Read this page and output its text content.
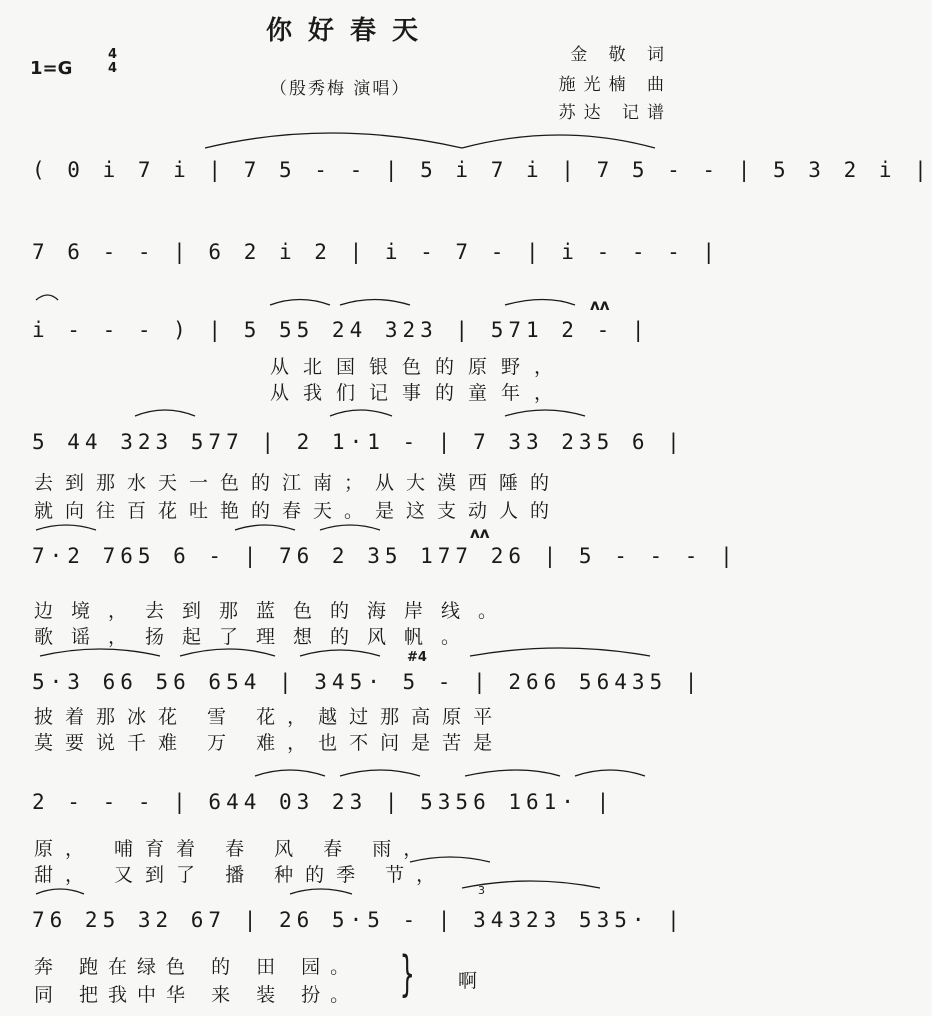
你好春天
1=G
4
4
（殷秀梅 演唱）
金 敬 词
施光楠 曲
苏达 记谱
( 0 i 7 i | 7 5 - - | 5 i 7 i | 7 5 - - | 5 3 2 i |
7 6 - - | 6 2 i 2 | i - 7 - | i - - - |
i - - - ) | 5 55 24 323 | 571 2 - |
ʌʌ
从北国银色的原野，
从我们记事的童年，
5 44 323 577 | 2 1·1 - | 7 33 235 6 |
去到那水天一色的江南；从大漠西陲的
就向往百花吐艳的春天。是这支动人的
7·2 765 6 - | 76 2 35 177 26 | 5 - - - |
ʌʌ
边境，去到那蓝色的海岸线。
歌谣，扬起了理想的风帆。
5·3 66 56 654 | 345· 5 - | 266 56435 |
#4
披着那冰花 雪 花，越过那高原平
莫要说千难 万 难，也不问是苦是
2 - - - | 644 03 23 | 5356 161· |
原， 哺育着 春 风 春 雨，
甜， 又到了 播 种的季 节，
76 25 32 67 | 26 5·5 - | 34323 535· |
3
奔 跑在绿色 的 田 园。
同 把我中华 来 装 扮。 } 啊
